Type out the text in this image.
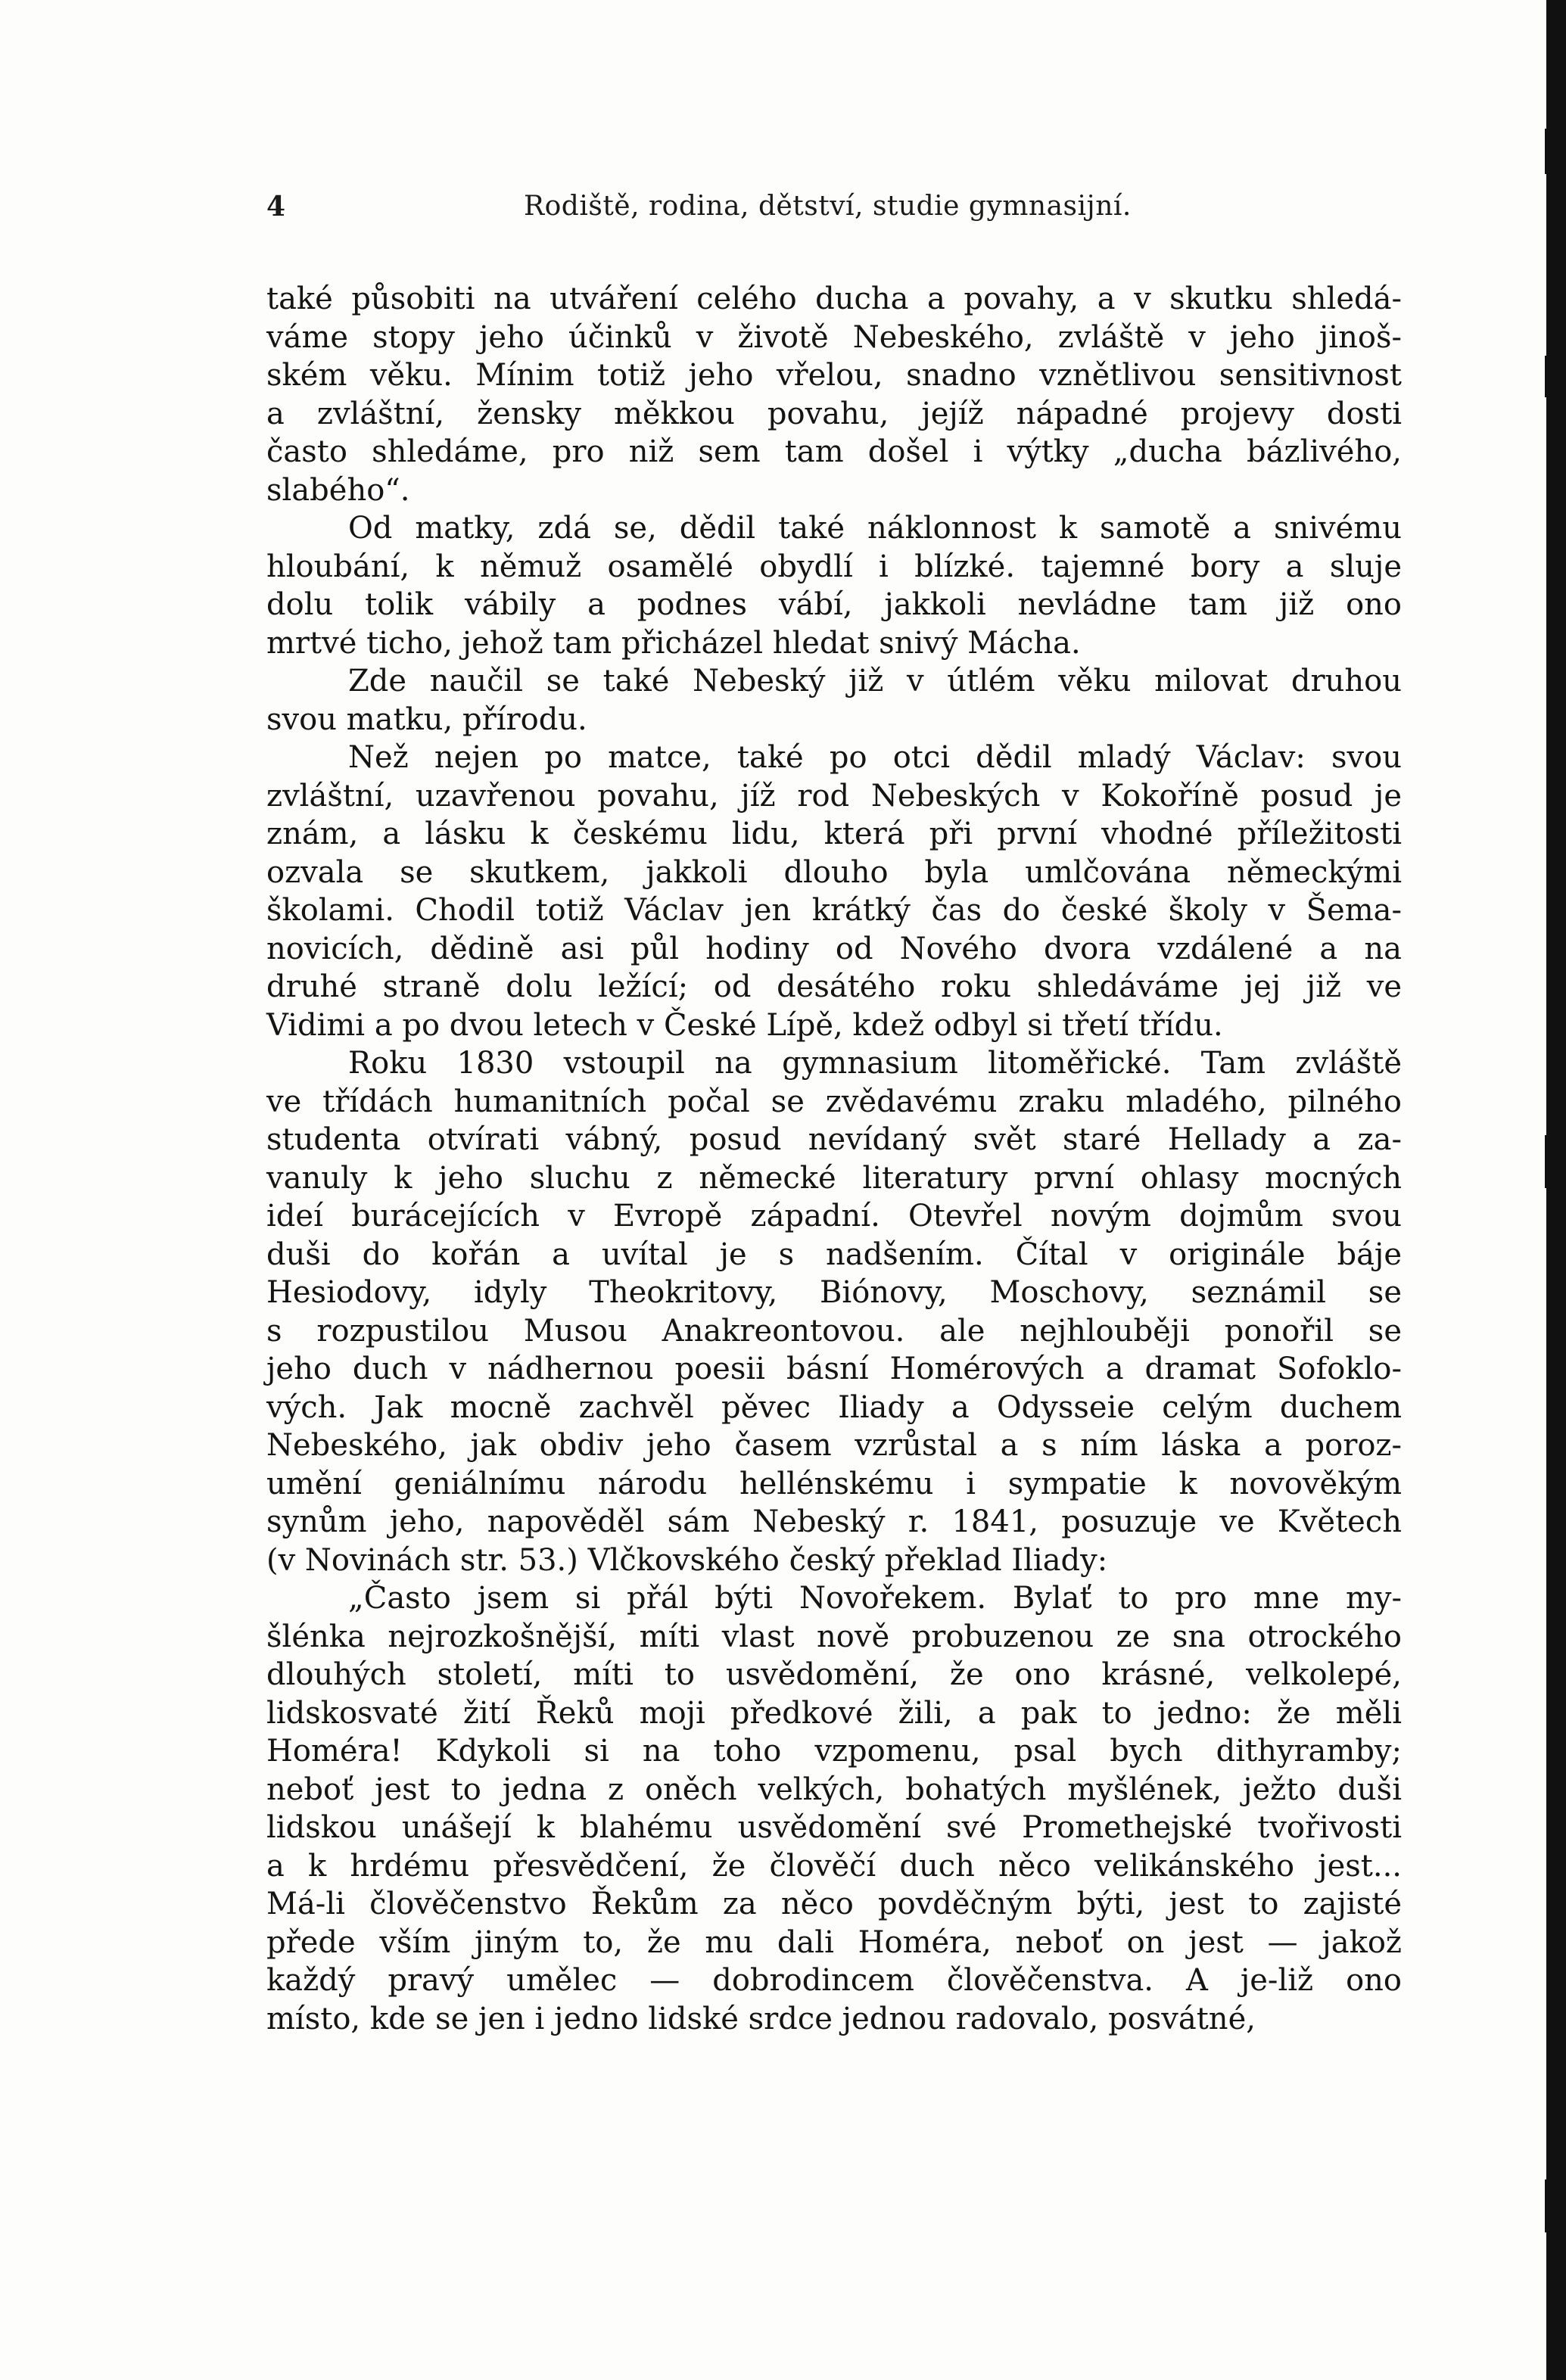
4	Rodiště, rodina, dětství, studie gymnasijní.
také působiti na utváření celého ducha a povahy, a v skutku shledá-
váme stopy jeho účinků v životě Nebeského, zvláště v jeho jinoš-
ském věku. Mínim totiž jeho vřelou, snadno vznětlivou sensitivnost
a zvláštní, žensky měkkou povahu, jejíž nápadné projevy dosti
často shledáme, pro niž sem tam došel i výtky „ducha bázlivého,
slabého“.
Od matky, zdá se, dědil také náklonnost k samotě a snivému
hloubání, k němuž osamělé obydlí i blízké. tajemné bory a sluje
dolu tolik vábily a podnes vábí, jakkoli nevládne tam již ono
mrtvé ticho, jehož tam přicházel hledat snivý Mácha.
Zde naučil se také Nebeský již v útlém věku milovat druhou
svou matku, přírodu.
Než nejen po matce, také po otci dědil mladý Václav: svou
zvláštní, uzavřenou povahu, jíž rod Nebeských v Kokoříně posud je
znám, a lásku k českému lidu, která při první vhodné příležitosti
ozvala se skutkem, jakkoli dlouho byla umlčována německými
školami. Chodil totiž Václav jen krátký čas do české školy v Šema-
novicích, dědině asi půl hodiny od Nového dvora vzdálené a na
druhé straně dolu ležící; od desátého roku shledáváme jej již ve
Vidimi a po dvou letech v České Lípě, kdež odbyl si třetí třídu.
Roku 1830 vstoupil na gymnasium litoměřické. Tam zvláště
ve třídách humanitních počal se zvědavému zraku mladého, pilného
studenta otvírati vábný, posud nevídaný svět staré Hellady a za-
vanuly k jeho sluchu z německé literatury první ohlasy mocných
ideí burácejících v Evropě západní. Otevřel novým dojmům svou
duši do kořán a uvítal je s nadšením. Čítal v originále báje
Hesiodovy, idyly Theokritovy, Biónovy, Moschovy, seznámil se
s rozpustilou Musou Anakreontovou. ale nejhlouběji ponořil se
jeho duch v nádhernou poesii básní Homérových a dramat Sofoklo-
vých. Jak mocně zachvěl pěvec Iliady a Odysseie celým duchem
Nebeského, jak obdiv jeho časem vzrůstal a s ním láska a poroz-
umění geniálnímu národu hellénskému i sympatie k novověkým
synům jeho, napověděl sám Nebeský r. 1841, posuzuje ve Květech
(v Novinách str. 53.) Vlčkovského český překlad Iliady:
„Často jsem si přál býti Novořekem. Bylať to pro mne my-
šlénka nejrozkošnější, míti vlast nově probuzenou ze sna otrockého
dlouhých století, míti to usvědomění, že ono krásné, velkolepé,
lidskosvaté žití Řeků moji předkové žili, a pak to jedno: že měli
Homéra! Kdykoli si na toho vzpomenu, psal bych dithyramby;
neboť jest to jedna z oněch velkých, bohatých myšlének, ježto duši
lidskou unášejí k blahému usvědomění své Promethejské tvořivosti
a k hrdému přesvědčení, že člověčí duch něco velikánského jest...
Má-li člověčenstvo Řekům za něco povděčným býti, jest to zajisté
přede vším jiným to, že mu dali Homéra, neboť on jest — jakož
každý pravý umělec — dobrodincem člověčenstva. A je-liž ono
místo, kde se jen i jedno lidské srdce jednou radovalo, posvátné,
